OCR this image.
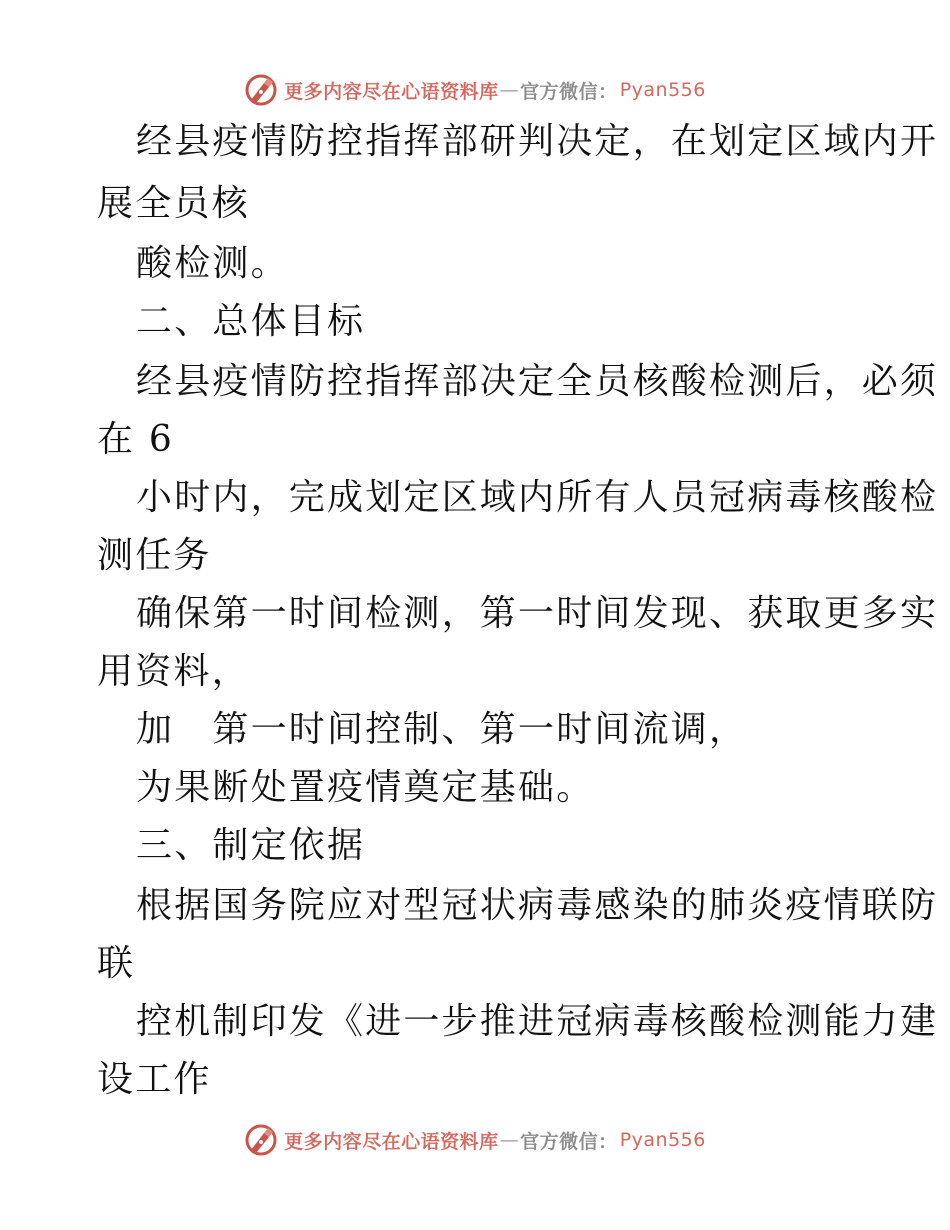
更多内容尽在心语资料库 — 官方微信： Pyan556
经县疫情防控指挥部研判决定，在划定区域内开
展全员核
酸检测。
二、总体目标
经县疫情防控指挥部决定全员核酸检测后，必须
在 6
小时内，完成划定区域内所有人员冠病毒核酸检
测任务
确保第一时间检测，第一时间发现、获取更多实
用资料，
加　第一时间控制、第一时间流调，
为果断处置疫情奠定基础。
三、制定依据
根据国务院应对型冠状病毒感染的肺炎疫情联防
联
控机制印发《进一步推进冠病毒核酸检测能力建
设工作
更多内容尽在心语资料库 — 官方微信： Pyan556
